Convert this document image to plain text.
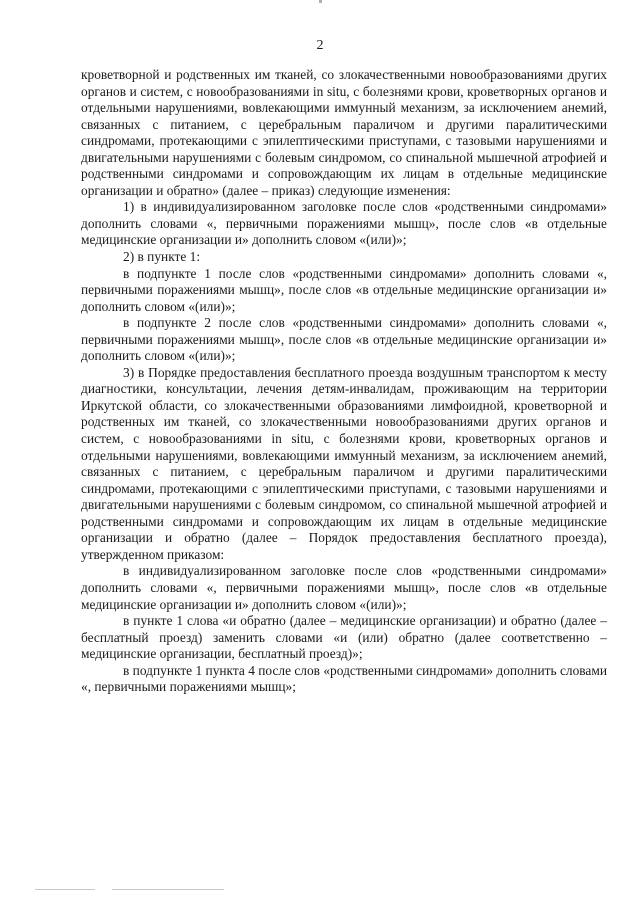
2

кроветворной и родственных им тканей, со злокачественными новообразованиями других органов и систем, с новообразованиями in situ, с болезнями крови, кроветворных органов и отдельными нарушениями, вовлекающими иммунный механизм, за исключением анемий, связанных с питанием, с церебральным параличом и другими паралитическими синдромами, протекающими с эпилептическими приступами, с тазовыми нарушениями и двигательными нарушениями с болевым синдромом, со спинальной мышечной атрофией и родственными синдромами и сопровождающим их лицам в отдельные медицинские организации и обратно» (далее – приказ) следующие изменения:

1) в индивидуализированном заголовке после слов «родственными синдромами» дополнить словами «, первичными поражениями мышц», после слов «в отдельные медицинские организации и» дополнить словом «(или)»;

2) в пункте 1:

в подпункте 1 после слов «родственными синдромами» дополнить словами «, первичными поражениями мышц», после слов «в отдельные медицинские организации и» дополнить словом «(или)»;

в подпункте 2 после слов «родственными синдромами» дополнить словами «, первичными поражениями мышц», после слов «в отдельные медицинские организации и» дополнить словом «(или)»;

3) в Порядке предоставления бесплатного проезда воздушным транспортом к месту диагностики, консультации, лечения детям-инвалидам, проживающим на территории Иркутской области, со злокачественными образованиями лимфоидной, кроветворной и родственных им тканей, со злокачественными новообразованиями других органов и систем, с новообразованиями in situ, с болезнями крови, кроветворных органов и отдельными нарушениями, вовлекающими иммунный механизм, за исключением анемий, связанных с питанием, с церебральным параличом и другими паралитическими синдромами, протекающими с эпилептическими приступами, с тазовыми нарушениями и двигательными нарушениями с болевым синдромом, со спинальной мышечной атрофией и родственными синдромами и сопровождающим их лицам в отдельные медицинские организации и обратно (далее – Порядок предоставления бесплатного проезда), утвержденном приказом:

в индивидуализированном заголовке после слов «родственными синдромами» дополнить словами «, первичными поражениями мышц», после слов «в отдельные медицинские организации и» дополнить словом «(или)»;

в пункте 1 слова «и обратно (далее – медицинские организации) и обратно (далее – бесплатный проезд) заменить словами «и (или) обратно (далее соответственно – медицинские организации, бесплатный проезд)»;

в подпункте 1 пункта 4 после слов «родственными синдромами» дополнить словами «, первичными поражениями мышц»;
